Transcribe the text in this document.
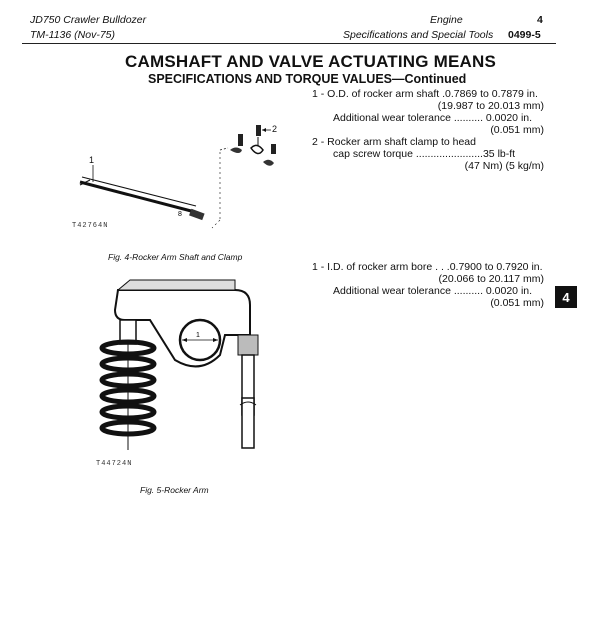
JD750 Crawler Bulldozer
TM-1136 (Nov-75)
Engine
Specifications and Special Tools
4
0499-5
CAMSHAFT AND VALVE ACTUATING MEANS
SPECIFICATIONS AND TORQUE VALUES—Continued
1 - O.D. of rocker arm shaft .0.7869 to 0.7879 in.
(19.987 to 20.013 mm)
Additional wear tolerance .......... 0.0020 in.
(0.051 mm)
2 - Rocker arm shaft clamp to head
cap screw torque .......................35 lb-ft
(47 Nm) (5 kg/m)
1 - I.D. of rocker arm bore . . .0.7900 to 0.7920 in.
(20.066 to 20.117 mm)
Additional wear tolerance .......... 0.0020 in.
(0.051 mm)	4
8
1
2
T42764N
Fig. 4-Rocker Arm Shaft and Clamp
1
T44724N
Fig. 5-Rocker Arm
